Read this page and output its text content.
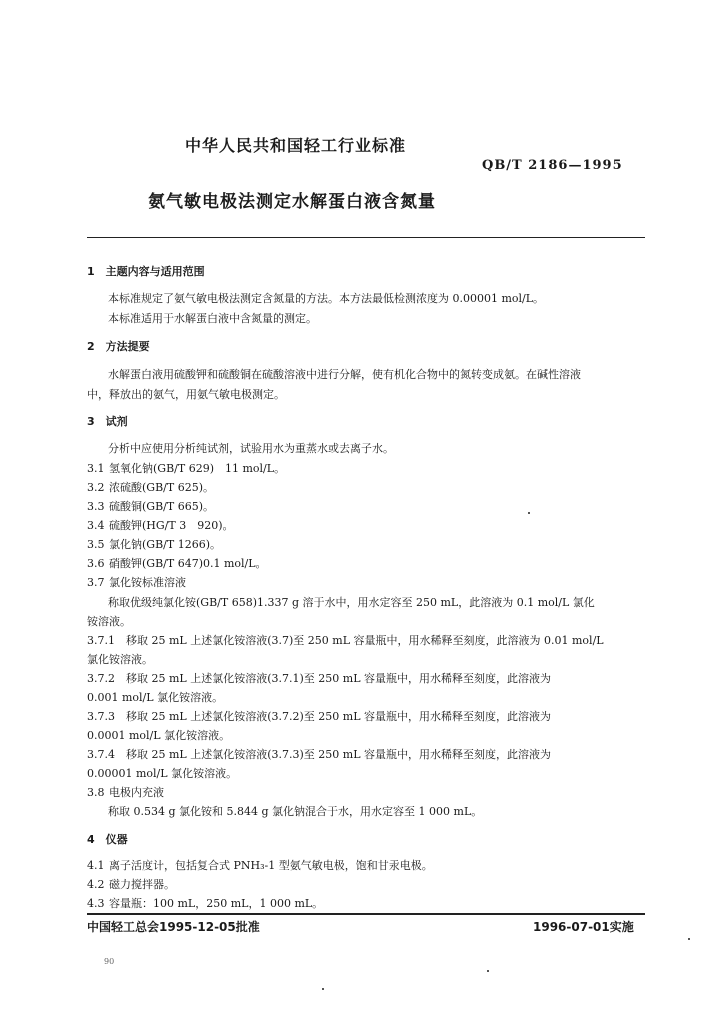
中华人民共和国轻工行业标准
QB/T 2186—1995
氨气敏电极法测定水解蛋白液含氮量
1　主题内容与适用范围
本标准规定了氨气敏电极法测定含氮量的方法。本方法最低检测浓度为 0.00001 mol/L。
本标准适用于水解蛋白液中含氮量的测定。
2　方法提要
水解蛋白液用硫酸钾和硫酸铜在硫酸溶液中进行分解，使有机化合物中的氮转变成氨。在碱性溶液
中，释放出的氨气，用氨气敏电极测定。
3　试剂
分析中应使用分析纯试剂，试验用水为重蒸水或去离子水。
3.1 氢氧化钠(GB/T 629)　11 mol/L。
3.2 浓硫酸(GB/T 625)。
3.3 硫酸铜(GB/T 665)。
3.4 硫酸钾(HG/T 3　920)。
3.5 氯化钠(GB/T 1266)。
3.6 硝酸钾(GB/T 647)0.1 mol/L。
3.7 氯化铵标准溶液
称取优级纯氯化铵(GB/T 658)1.337 g 溶于水中，用水定容至 250 mL，此溶液为 0.1 mol/L 氯化
铵溶液。
3.7.1　移取 25 mL 上述氯化铵溶液(3.7)至 250 mL 容量瓶中，用水稀释至刻度，此溶液为 0.01 mol/L
氯化铵溶液。
3.7.2　移取 25 mL 上述氯化铵溶液(3.7.1)至 250 mL 容量瓶中，用水稀释至刻度，此溶液为
0.001 mol/L 氯化铵溶液。
3.7.3　移取 25 mL 上述氯化铵溶液(3.7.2)至 250 mL 容量瓶中，用水稀释至刻度，此溶液为
0.0001 mol/L 氯化铵溶液。
3.7.4　移取 25 mL 上述氯化铵溶液(3.7.3)至 250 mL 容量瓶中，用水稀释至刻度，此溶液为
0.00001 mol/L 氯化铵溶液。
3.8 电极内充液
称取 0.534 g 氯化铵和 5.844 g 氯化钠混合于水，用水定容至 1 000 mL。
4　仪器
4.1 离子活度计，包括复合式 PNH₃-1 型氨气敏电极，饱和甘汞电极。
4.2 磁力搅拌器。
4.3 容量瓶：100 mL，250 mL，1 000 mL。
中国轻工总会1995-12-05批准	1996-07-01实施
90
